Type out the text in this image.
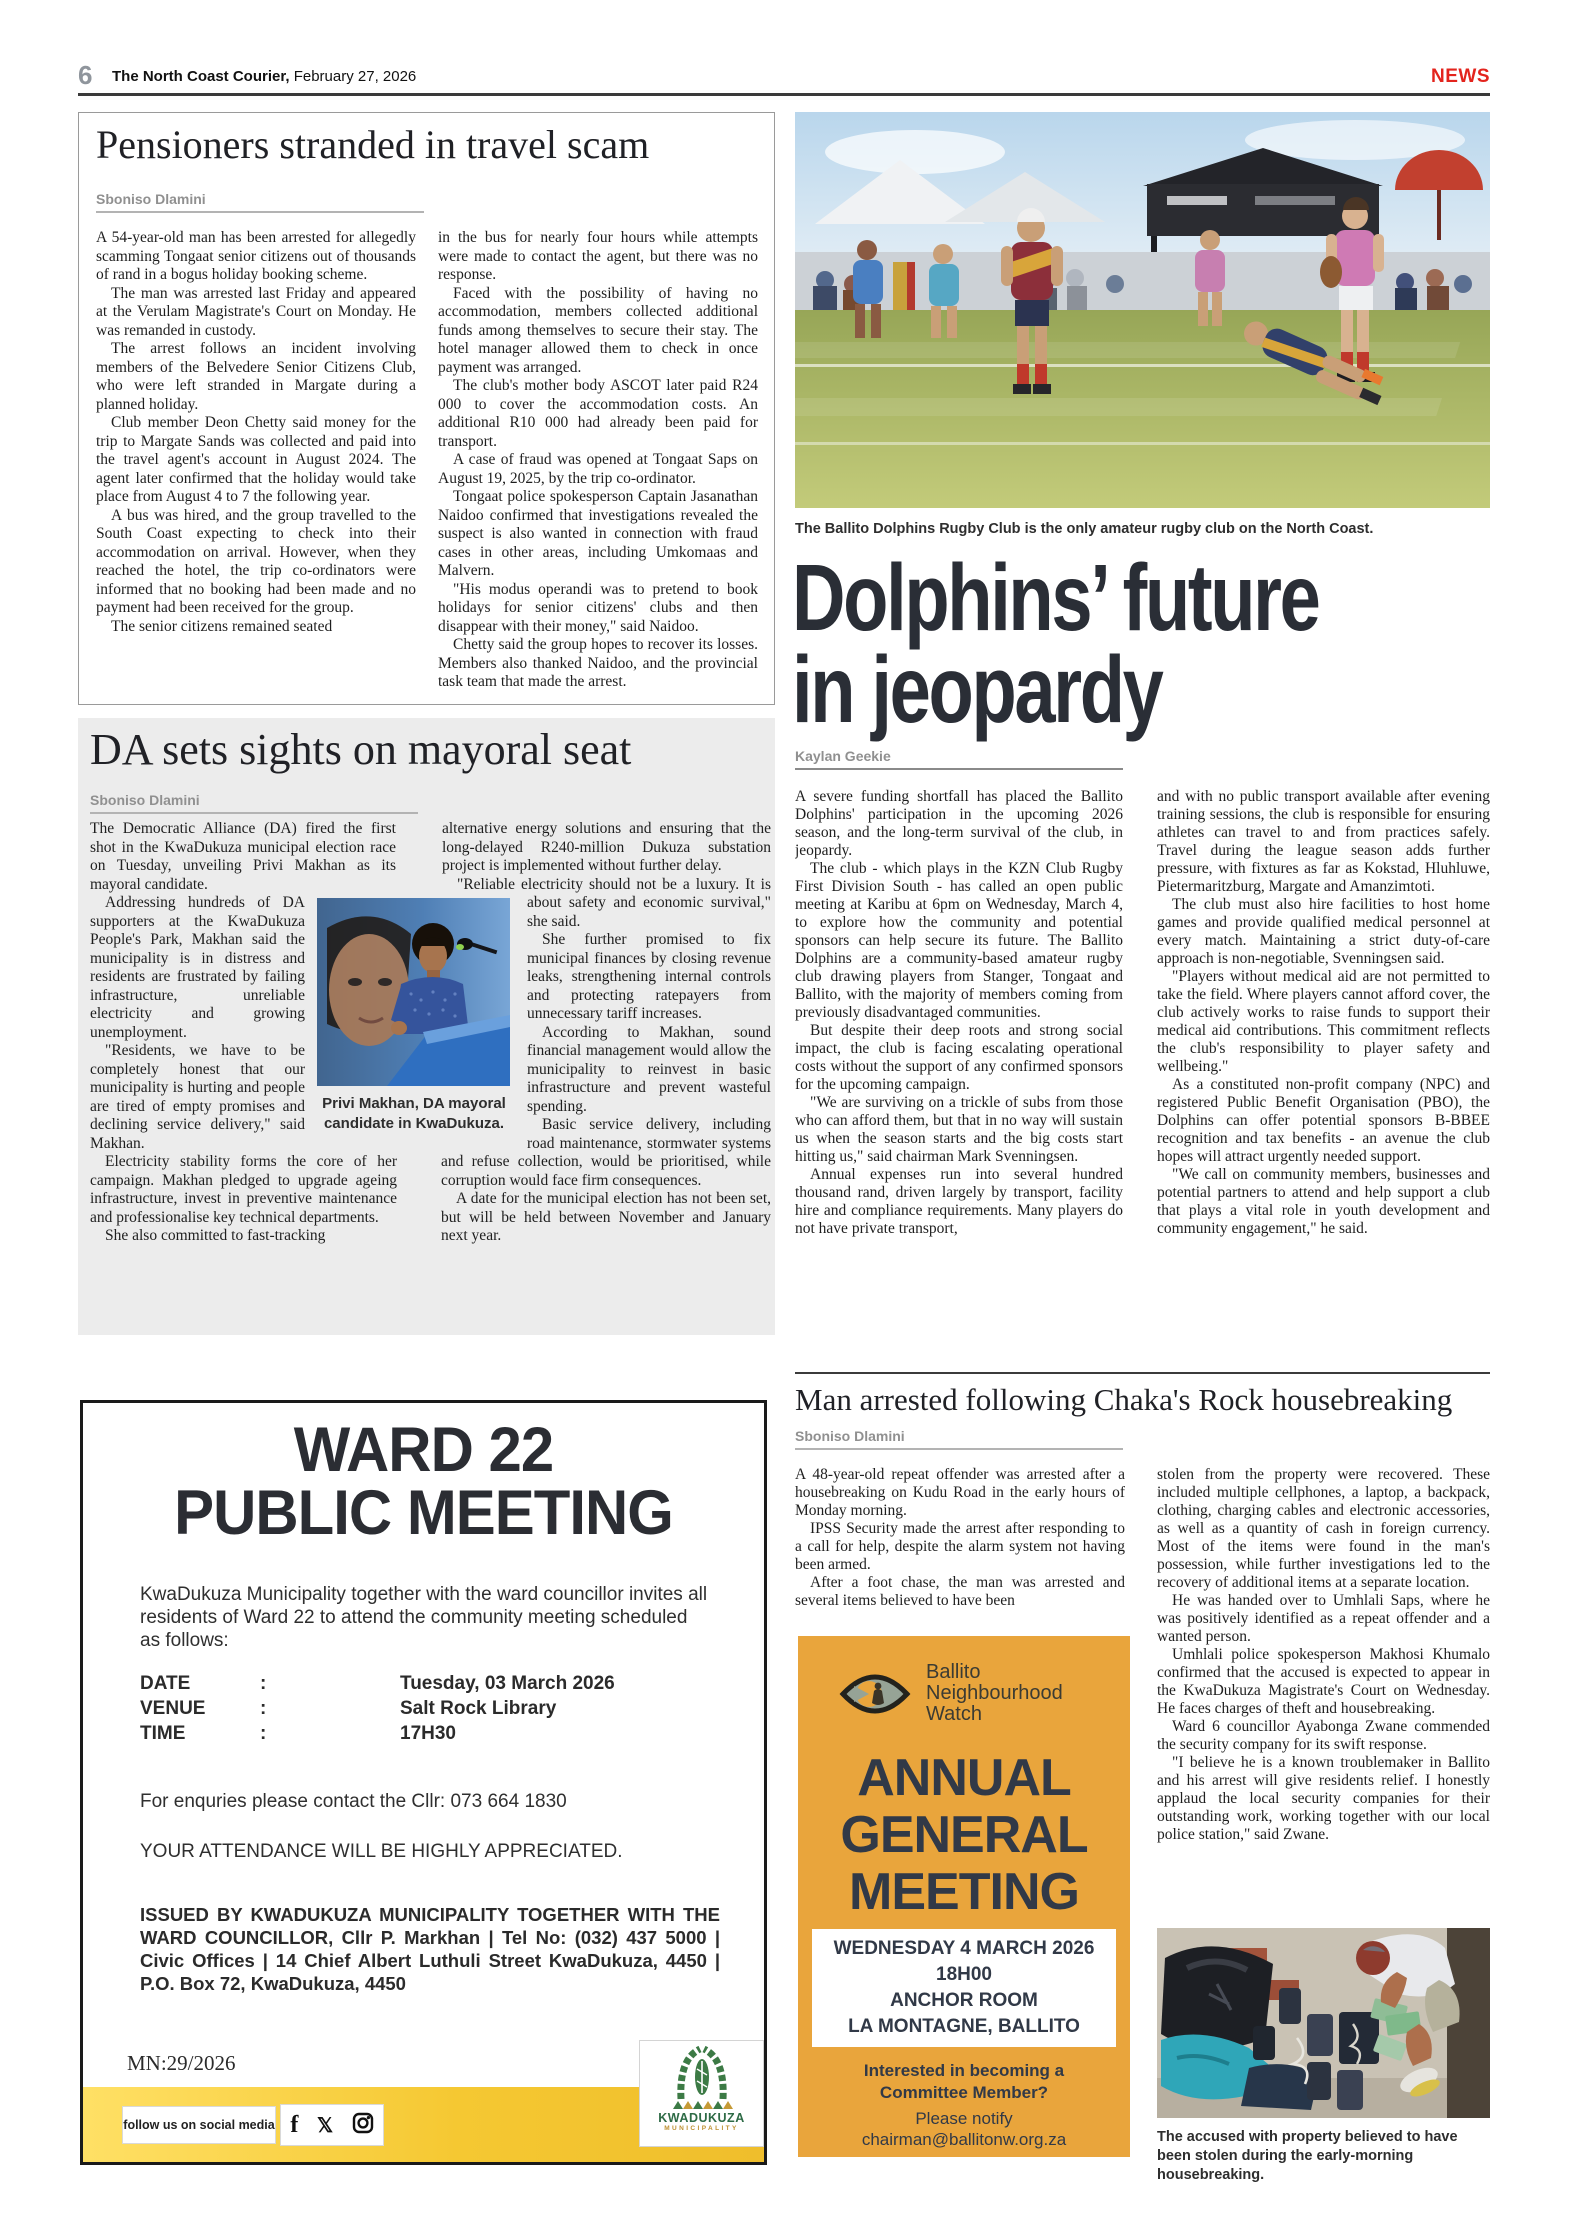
6 The North Coast Courier, February 27, 2026	NEWS
Pensioners stranded in travel scam
Sboniso Dlamini

A 54-year-old man has been arrested for allegedly scamming Tongaat senior citizens out of thousands of rand in a bogus holiday booking scheme.

The man was arrested last Friday and appeared at the Verulam Magistrate's Court on Monday. He was remanded in custody.

The arrest follows an incident involving members of the Belvedere Senior Citizens Club, who were left stranded in Margate during a planned holiday.

Club member Deon Chetty said money for the trip to Margate Sands was collected and paid into the travel agent's account in August 2024. The agent later confirmed that the holiday would take place from August 4 to 7 the following year.

A bus was hired, and the group travelled to the South Coast expecting to check into their accommodation on arrival. However, when they reached the hotel, the trip co-ordinators were informed that no booking had been made and no payment had been received for the group.

The senior citizens remained seated

in the bus for nearly four hours while attempts were made to contact the agent, but there was no response.

Faced with the possibility of having no accommodation, members collected additional funds among themselves to secure their stay. The hotel manager allowed them to check in once payment was arranged.

The club's mother body ASCOT later paid R24 000 to cover the accommodation costs. An additional R10 000 had already been paid for transport.

A case of fraud was opened at Tongaat Saps on August 19, 2025, by the trip co-ordinator.

Tongaat police spokesperson Captain Jasanathan Naidoo confirmed that investigations revealed the suspect is also wanted in connection with fraud cases in other areas, including Umkomaas and Malvern.

"His modus operandi was to pretend to book holidays for senior citizens' clubs and then disappear with their money," said Naidoo.

Chetty said the group hopes to recover its losses. Members also thanked Naidoo, and the provincial task team that made the arrest.

The Ballito Dolphins Rugby Club is the only amateur rugby club on the North Coast.
Dolphins’ future
in jeopardy
Kaylan Geekie

A severe funding shortfall has placed the Ballito Dolphins' participation in the upcoming 2026 season, and the long-term survival of the club, in jeopardy.

The club - which plays in the KZN Club Rugby First Division South - has called an open public meeting at Karibu at 6pm on Wednesday, March 4, to explore how the community and potential sponsors can help secure its future. The Ballito Dolphins are a community-based amateur rugby club drawing players from Stanger, Tongaat and Ballito, with the majority of members coming from previously disadvantaged communities.

But despite their deep roots and strong social impact, the club is facing escalating operational costs without the support of any confirmed sponsors for the upcoming campaign.

"We are surviving on a trickle of subs from those who can afford them, but that in no way will sustain us when the season starts and the big costs start hitting us," said chairman Mark Svenningsen.

Annual expenses run into several hundred thousand rand, driven largely by transport, facility hire and compliance requirements. Many players do not have private transport,

and with no public transport available after evening training sessions, the club is responsible for ensuring athletes can travel to and from practices safely. Travel during the league season adds further pressure, with fixtures as far as Kokstad, Hluhluwe, Pietermaritzburg, Margate and Amanzimtoti.

The club must also hire facilities to host home games and provide qualified medical personnel at every match. Maintaining a strict duty-of-care approach is non-negotiable, Svenningsen said.

"Players without medical aid are not permitted to take the field. Where players cannot afford cover, the club actively works to raise funds to support their medical aid contributions. This commitment reflects the club's responsibility to player safety and wellbeing."

As a constituted non-profit company (NPC) and registered Public Benefit Organisation (PBO), the Dolphins can offer potential sponsors B-BBEE recognition and tax benefits - an avenue the club hopes will attract urgently needed support.

"We call on community members, businesses and potential partners to attend and help support a club that plays a vital role in youth development and community engagement," he said.

DA sets sights on mayoral seat
Sboniso Dlamini

The Democratic Alliance (DA) fired the first shot in the KwaDukuza municipal election race on Tuesday, unveiling Privi Makhan as its mayoral candidate.

Addressing hundreds of DA supporters at the KwaDukuza People's Park, Makhan said the municipality is in distress and residents are frustrated by failing infrastructure, unreliable electricity and growing unemployment.

"Residents, we have to be completely honest that our municipality is hurting and people are tired of empty promises and declining service delivery," said Makhan.

Electricity stability forms the core of her campaign. Makhan pledged to upgrade ageing infrastructure, invest in preventive maintenance and professionalise key technical departments.

She also committed to fast-tracking

alternative energy solutions and ensuring that the long-delayed R240-million Dukuza substation project is implemented without further delay.

"Reliable electricity should not be a luxury. It is about safety and economic survival," she said.

She further promised to fix municipal finances by closing revenue leaks, strengthening internal controls and protecting ratepayers from unnecessary tariff increases.

According to Makhan, sound financial management would allow the municipality to reinvest in basic infrastructure and prevent wasteful spending.

Basic service delivery, including road maintenance, stormwater systems and refuse collection, would be prioritised, while corruption would face firm consequences.

A date for the municipal election has not been set, but will be held between November and January next year.

Privi Makhan, DA mayoral candidate in KwaDukuza.
WARD 22
PUBLIC MEETING
KwaDukuza Municipality together with the ward councillor invites all residents of Ward 22 to attend the community meeting scheduled as follows:
DATE	:	Tuesday, 03 March 2026
VENUE	:	Salt Rock Library
TIME	:	17H30
For enquries please contact the Cllr: 073 664 1830
YOUR ATTENDANCE WILL BE HIGHLY APPRECIATED.
ISSUED BY KWADUKUZA MUNICIPALITY TOGETHER WITH THE WARD COUNCILLOR, Cllr P. Markhan | Tel No: (032) 437 5000 | Civic Offices | 14 Chief Albert Luthuli Street KwaDukuza, 4450 | P.O. Box 72, KwaDukuza, 4450
MN:29/2026
follow us on social media f 𝕏	KWADUKUZA
MUNICIPALITY
Man arrested following Chaka's Rock housebreaking
Sboniso Dlamini

A 48-year-old repeat offender was arrested after a housebreaking on Kudu Road in the early hours of Monday morning.

IPSS Security made the arrest after responding to a call for help, despite the alarm system not having been armed.

After a foot chase, the man was arrested and several items believed to have been

stolen from the property were recovered. These included multiple cellphones, a laptop, a backpack, clothing, charging cables and electronic accessories, as well as a quantity of cash in foreign currency. Most of the items were found in the man's possession, while further investigations led to the recovery of additional items at a separate location.

He was handed over to Umhlali Saps, where he was positively identified as a repeat offender and a wanted person.

Umhlali police spokesperson Makhosi Khumalo confirmed that the accused is expected to appear in the KwaDukuza Magistrate's Court on Wednesday. He faces charges of theft and housebreaking.

Ward 6 councillor Ayabonga Zwane commended the security company for its swift response.

"I believe he is a known troublemaker in Ballito and his arrest will give residents relief. I honestly applaud the local security companies for their outstanding work, working together with our local police station," said Zwane.

Ballito
Neighbourhood
Watch
ANNUAL
GENERAL
MEETING
WEDNESDAY 4 MARCH 2026
18H00
ANCHOR ROOM
LA MONTAGNE, BALLITO
Interested in becoming a
Committee Member?
Please notify
chairman@ballitonw.org.za	The accused with property believed to have been stolen during the early-morning housebreaking.
